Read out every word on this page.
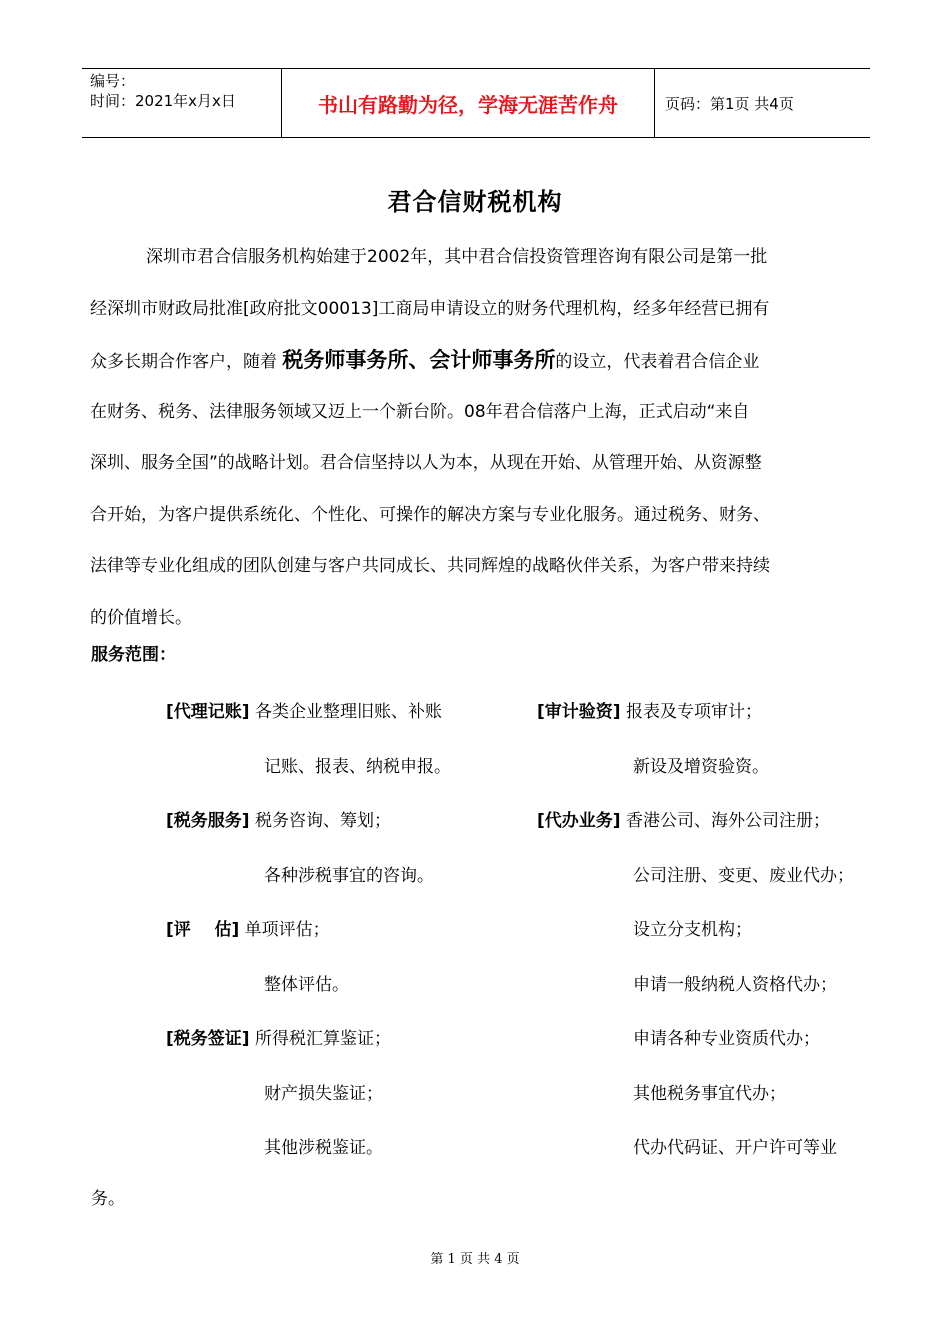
编号：
时间：2021年x月x日	书山有路勤为径，学海无涯苦作舟	页码：第1页 共4页
君合信财税机构
深圳市君合信服务机构始建于2002年，其中君合信投资管理咨询有限公司是第一批
经深圳市财政局批准[政府批文00013]工商局申请设立的财务代理机构，经多年经营已拥有
众多长期合作客户，随着 税务师事务所、会计师事务所的设立，代表着君合信企业
在财务、税务、法律服务领域又迈上一个新台阶。08年君合信落户上海，正式启动“来自
深圳、服务全国”的战略计划。君合信坚持以人为本，从现在开始、从管理开始、从资源整
合开始，为客户提供系统化、个性化、可操作的解决方案与专业化服务。通过税务、财务、
法律等专业化组成的团队创建与客户共同成长、共同辉煌的战略伙伴关系，为客户带来持续
的价值增长。
服务范围：
[代理记账] 各类企业整理旧账、补账
记账、报表、纳税申报。
[税务服务] 税务咨询、筹划；
各种涉税事宜的咨询。
[评    估] 单项评估；
整体评估。
[税务签证] 所得税汇算鉴证；
财产损失鉴证；
其他涉税鉴证。
[审计验资] 报表及专项审计；
新设及增资验资。
[代办业务] 香港公司、海外公司注册；
公司注册、变更、废业代办；
设立分支机构；
申请一般纳税人资格代办；
申请各种专业资质代办；
其他税务事宜代办；
代办代码证、开户许可等业
务。
第 1 页 共 4 页
